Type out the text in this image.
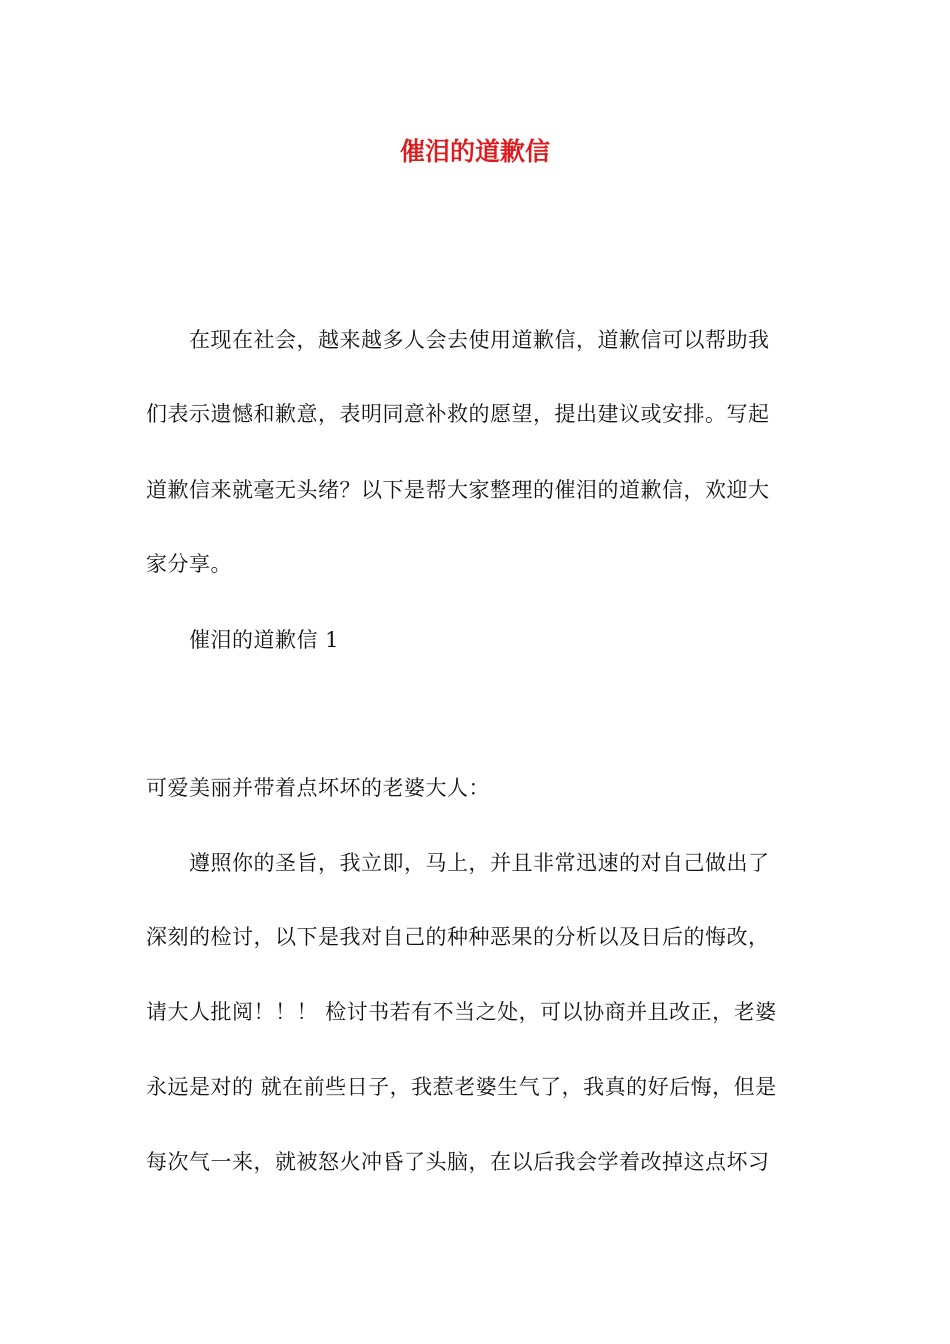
催泪的道歉信
在现在社会，越来越多人会去使用道歉信，道歉信可以帮助我
们表示遗憾和歉意，表明同意补救的愿望，提出建议或安排。写起
道歉信来就毫无头绪？以下是帮大家整理的催泪的道歉信，欢迎大
家分享。
催泪的道歉信 1
可爱美丽并带着点坏坏的老婆大人：
遵照你的圣旨，我立即，马上，并且非常迅速的对自己做出了
深刻的检讨，以下是我对自己的种种恶果的分析以及日后的悔改，
请大人批阅！！！ 检讨书若有不当之处，可以协商并且改正，老婆
永远是对的 就在前些日子，我惹老婆生气了，我真的好后悔，但是
每次气一来，就被怒火冲昏了头脑，在以后我会学着改掉这点坏习
